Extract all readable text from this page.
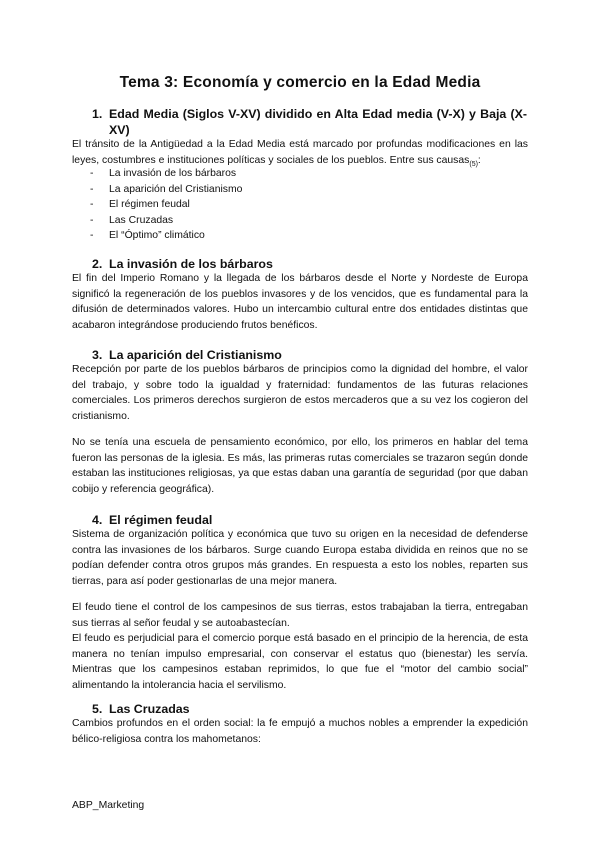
Tema 3: Economía y comercio en la Edad Media
1. Edad Media (Siglos V-XV) dividido en Alta Edad media (V-X) y Baja (X-XV)

El tránsito de la Antigüedad a la Edad Media está marcado por profundas modificaciones en las leyes, costumbres e instituciones políticas y sociales de los pueblos. Entre sus causas$_{(5)}$:

- La invasión de los bárbaros
- La aparición del Cristianismo
- El régimen feudal
- Las Cruzadas
- El “Óptimo” climático
2. La invasión de los bárbaros

El fin del Imperio Romano y la llegada de los bárbaros desde el Norte y Nordeste de Europa significó la regeneración de los pueblos invasores y de los vencidos, que es fundamental para la difusión de determinados valores. Hubo un intercambio cultural entre dos entidades distintas que acabaron integrándose produciendo frutos benéficos.

3. La aparición del Cristianismo

Recepción por parte de los pueblos bárbaros de principios como la dignidad del hombre, el valor del trabajo, y sobre todo la igualdad y fraternidad: fundamentos de las futuras relaciones comerciales. Los primeros derechos surgieron de estos mercaderos que a su vez los cogieron del cristianismo.

No se tenía una escuela de pensamiento económico, por ello, los primeros en hablar del tema fueron las personas de la iglesia. Es más, las primeras rutas comerciales se trazaron según donde estaban las instituciones religiosas, ya que estas daban una garantía de seguridad (por que daban cobijo y referencia geográfica).

4. El régimen feudal

Sistema de organización política y económica que tuvo su origen en la necesidad de defenderse contra las invasiones de los bárbaros. Surge cuando Europa estaba dividida en reinos que no se podían defender contra otros grupos más grandes. En respuesta a esto los nobles, reparten sus tierras, para así poder gestionarlas de una mejor manera.

El feudo tiene el control de los campesinos de sus tierras, estos trabajaban la tierra, entregaban sus tierras al señor feudal y se autoabastecían.

El feudo es perjudicial para el comercio porque está basado en el principio de la herencia, de esta manera no tenían impulso empresarial, con conservar el estatus quo (bienestar) les servía. Mientras que los campesinos estaban reprimidos, lo que fue el “motor del cambio social” alimentando la intolerancia hacia el servilismo.

5. Las Cruzadas

Cambios profundos en el orden social: la fe empujó a muchos nobles a emprender la expedición bélico-religiosa contra los mahometanos:

ABP_Marketing
